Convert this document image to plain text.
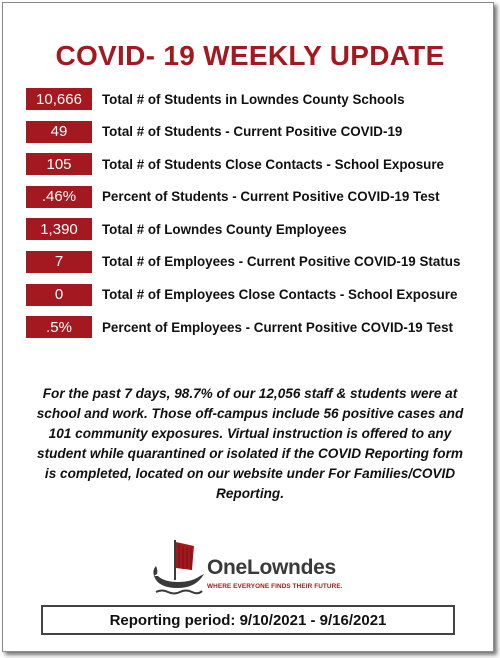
COVID- 19 WEEKLY UPDATE
10,666	Total # of Students in Lowndes County Schools
49	Total # of Students - Current Positive COVID-19
105	Total # of Students Close Contacts - School Exposure
.46%	Percent of Students - Current Positive COVID-19 Test
1,390	Total # of Lowndes County Employees
7	Total # of Employees - Current Positive COVID-19 Status
0	Total # of Employees Close Contacts - School Exposure
.5%	Percent of Employees - Current Positive COVID-19 Test
For the past 7 days, 98.7% of our 12,056 staff & students were at school and work. Those off-campus include 56 positive cases and 101 community exposures. Virtual instruction is offered to any student while quarantined or isolated if the COVID Reporting form is completed, located on our website under For Families/COVID Reporting.
OneLowndes
WHERE EVERYONE FINDS THEIR FUTURE.
Reporting period: 9/10/2021 - 9/16/2021
